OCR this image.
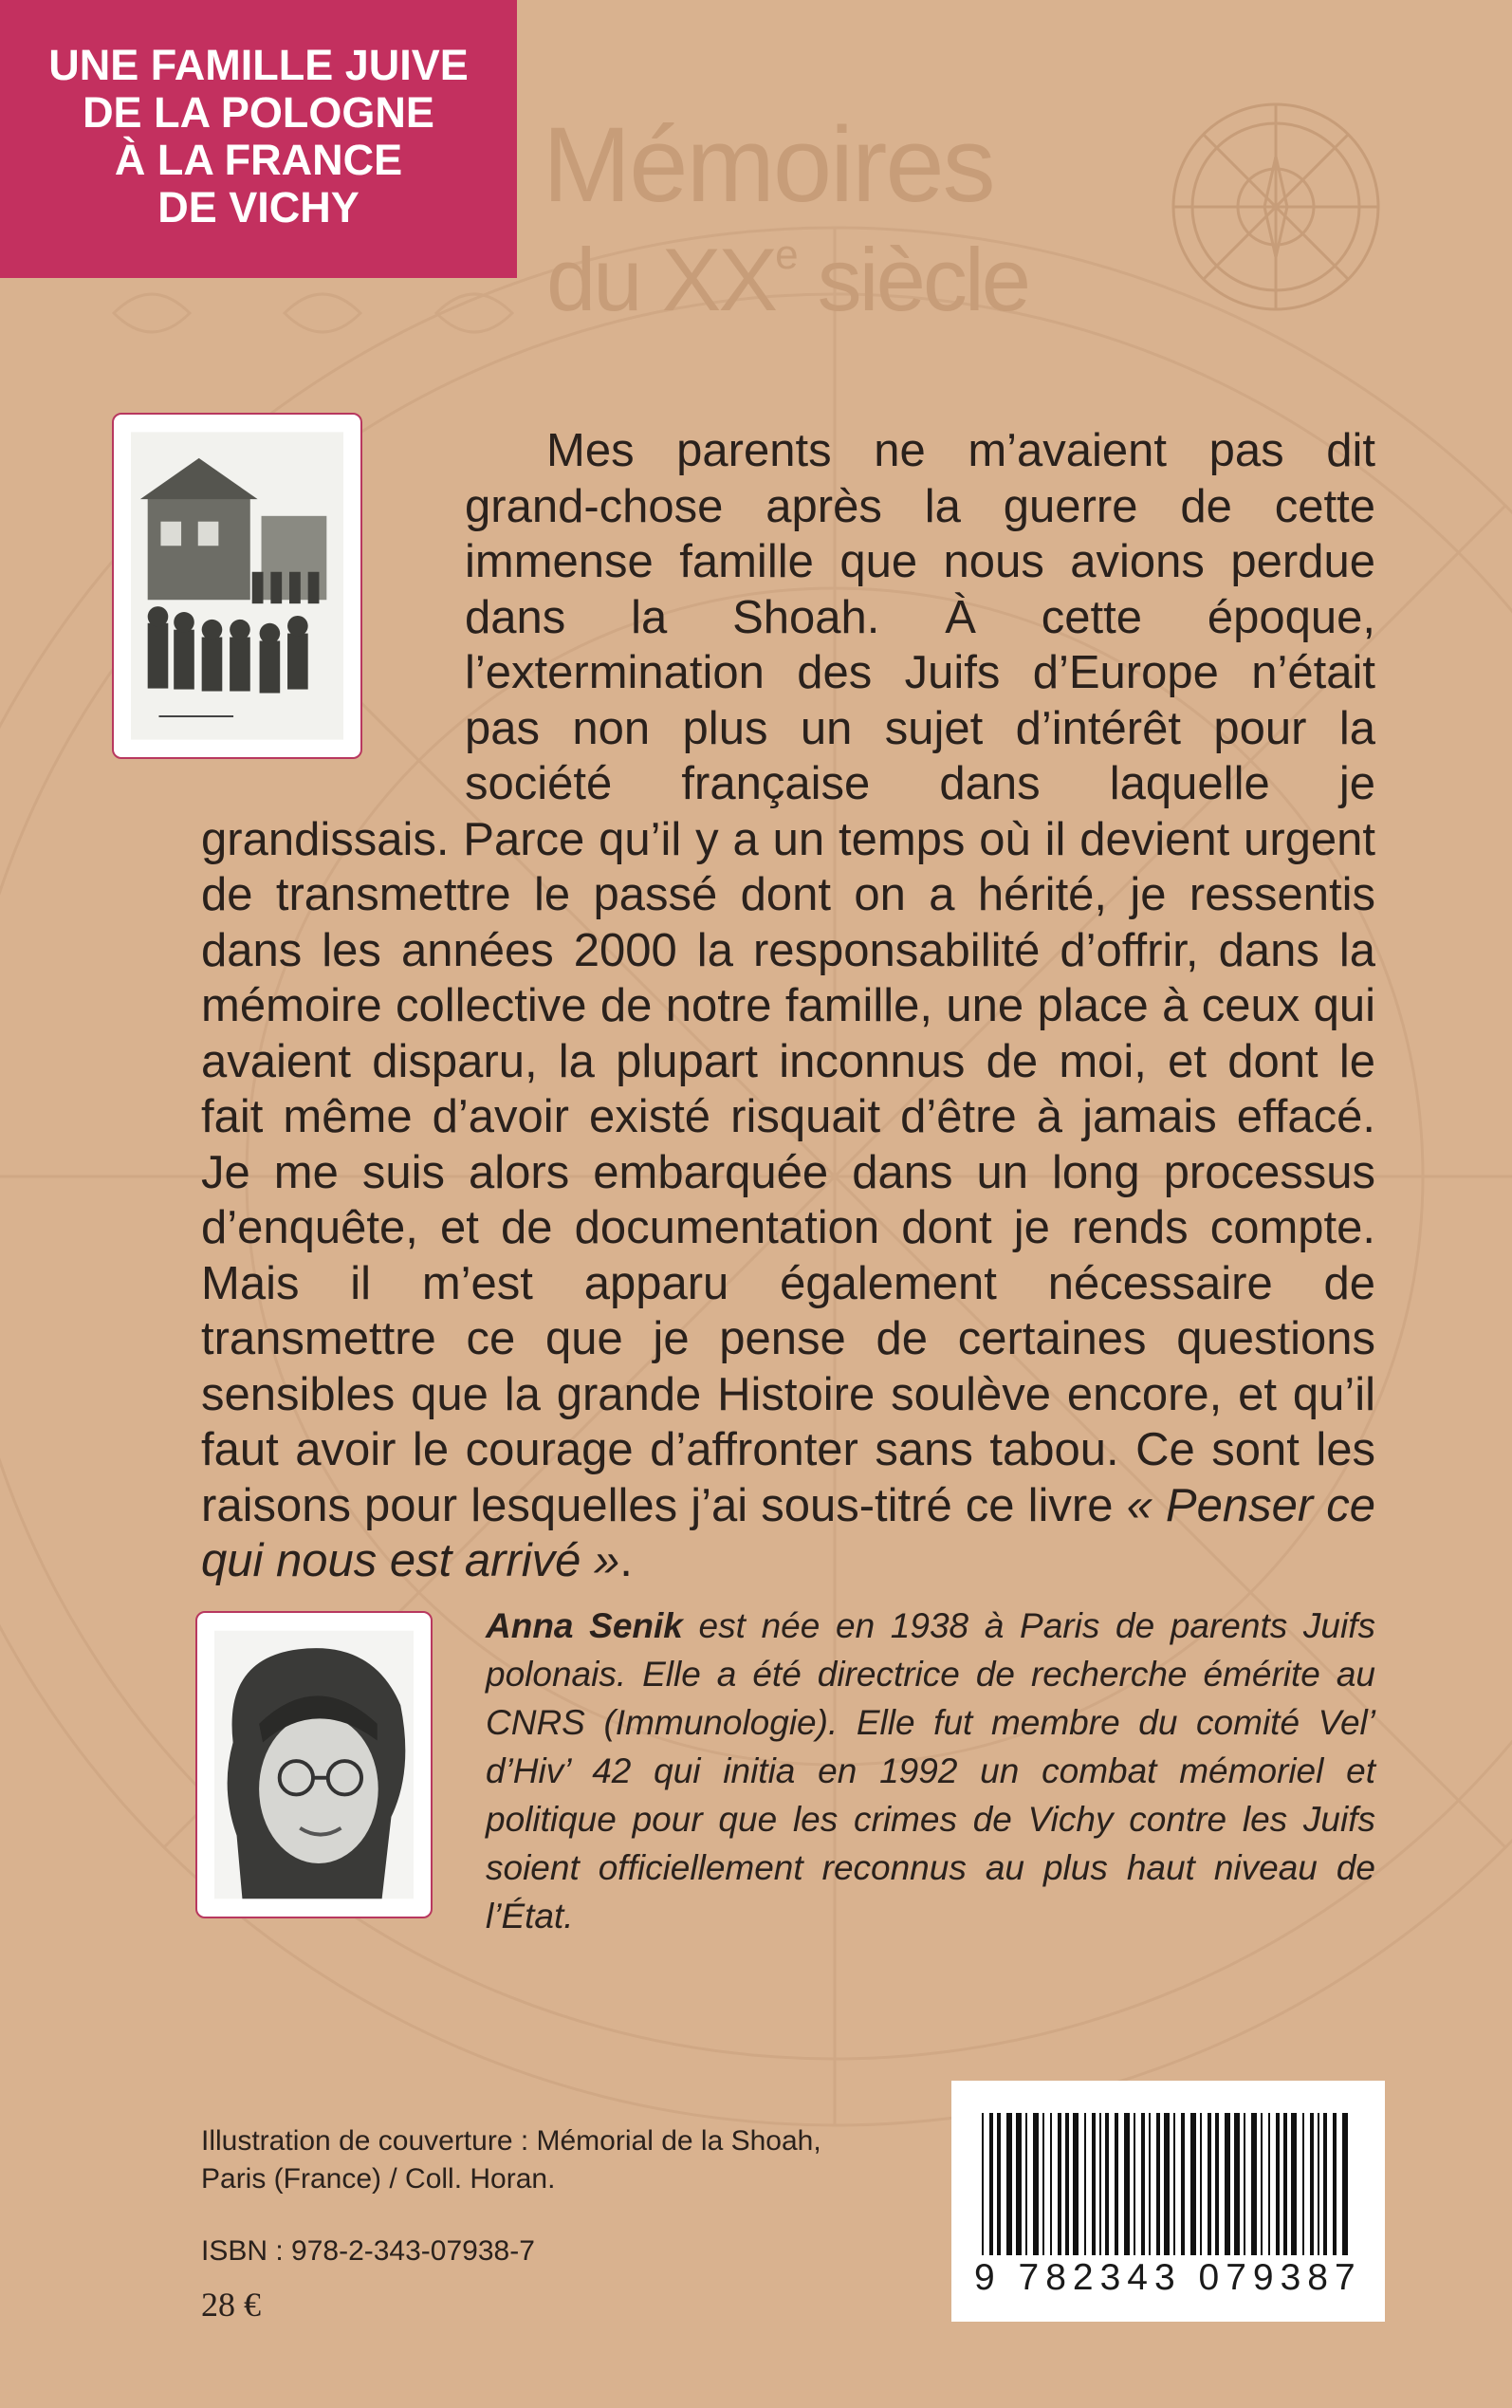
UNE FAMILLE JUIVE
DE LA POLOGNE
À LA FRANCE
DE VICHY Mémoires
du XXe siècle

Mes parents ne m’avaient pas dit grand-chose après la guerre de cette immense famille que nous avions perdue dans la Shoah. À cette époque, l’extermination des Juifs d’Europe n’était pas non plus un sujet d’intérêt pour la société française dans laquelle je grandissais. Parce qu’il y a un temps où il devient urgent de transmettre le passé dont on a hérité, je ressentis dans les années 2000 la responsabilité d’offrir, dans la mémoire collective de notre famille, une place à ceux qui avaient disparu, la plupart inconnus de moi, et dont le fait même d’avoir existé risquait d’être à jamais effacé. Je me suis alors embarquée dans un long processus d’enquête, et de documentation dont je rends compte. Mais il m’est apparu également nécessaire de transmettre ce que je pense de certaines questions sensibles que la grande Histoire soulève encore, et qu’il faut avoir le courage d’affronter sans tabou. Ce sont les raisons pour lesquelles j’ai sous-titré ce livre « Penser ce qui nous est arrivé ».

Anna Senik est née en 1938 à Paris de parents Juifs polonais. Elle a été directrice de recherche émérite au CNRS (Immunologie). Elle fut membre du comité Vel’ d’Hiv’ 42 qui initia en 1992 un combat mémoriel et politique pour que les crimes de Vichy contre les Juifs soient officiellement reconnus au plus haut niveau de l’État.

Illustration de couverture : Mémorial de la Shoah,
Paris (France) / Coll. Horan.
ISBN : 978-2-343-07938-7
28 €
9 782343 079387
